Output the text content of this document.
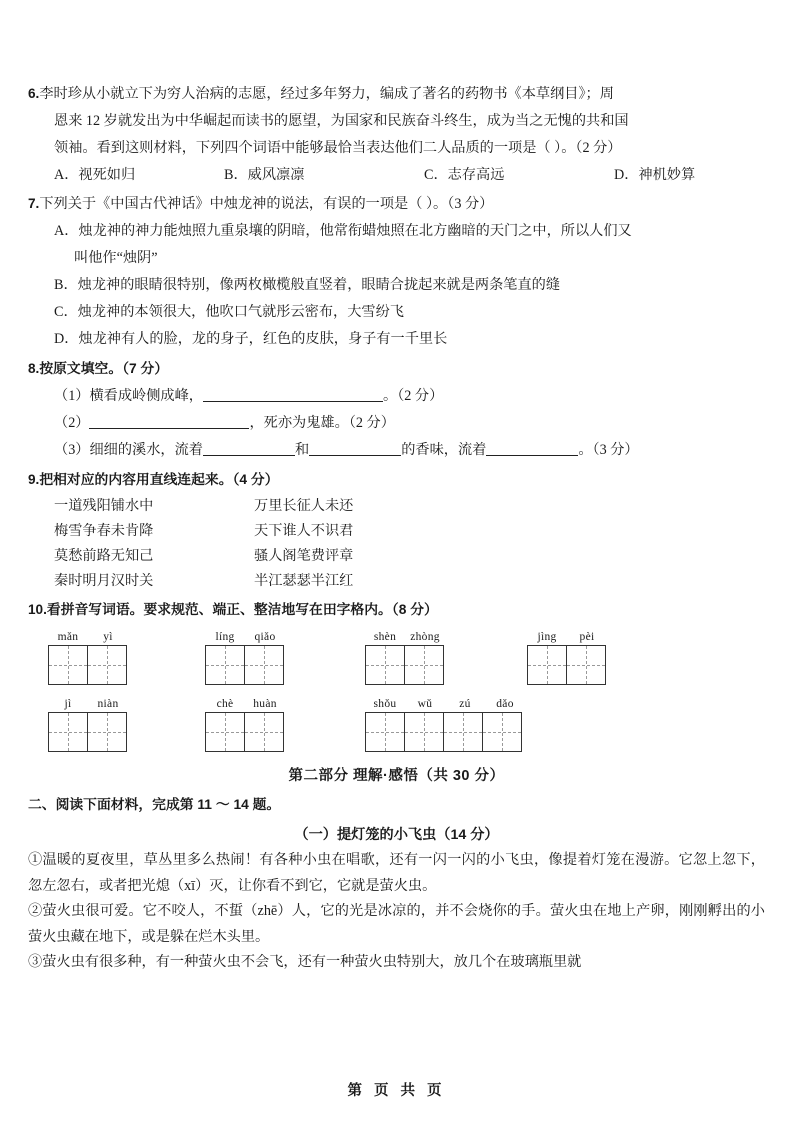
6.李时珍从小就立下为穷人治病的志愿，经过多年努力，编成了著名的药物书《本草纲目》；周
恩来 12 岁就发出为中华崛起而读书的愿望，为国家和民族奋斗终生，成为当之无愧的共和国
领袖。看到这则材料，下列四个词语中能够最恰当表达他们二人品质的一项是（ ）。（2 分）
A．视死如归	B．威风凛凛	C．志存高远	D．神机妙算
7.下列关于《中国古代神话》中烛龙神的说法，有误的一项是（ ）。（3 分）
A．烛龙神的神力能烛照九重泉壤的阴暗，他常衔蜡烛照在北方幽暗的天门之中，所以人们又
叫他作“烛阴”
B．烛龙神的眼睛很特别，像两枚橄榄般直竖着，眼睛合拢起来就是两条笔直的缝
C．烛龙神的本领很大，他吹口气就彤云密布，大雪纷飞
D．烛龙神有人的脸，龙的身子，红色的皮肤，身子有一千里长
8.按原文填空。（7 分）
（1）横看成岭侧成峰，	。（2 分）
（2）	，死亦为鬼雄。（2 分）
（3）细细的溪水，流着	和	的香味，流着	。（3 分）
9.把相对应的内容用直线连起来。（4 分）
一道残阳铺水中	万里长征人未还
梅雪争春未肯降	天下谁人不识君
莫愁前路无知己	骚人阁笔费评章
秦时明月汉时关	半江瑟瑟半江红
10.看拼音写词语。要求规范、端正、整洁地写在田字格内。（8 分）
mǎn	yì	líng	qiǎo	shèn	zhòng	jìng	pèi
jì	niàn	chè	huàn	shǒu	wǔ	zú	dǎo
第二部分 理解·感悟（共 30 分）
二、阅读下面材料，完成第 11 ～ 14 题。
（一）提灯笼的小飞虫（14 分）
①温暖的夏夜里，草丛里多么热闹！有各种小虫在唱歌，还有一闪一闪的小飞虫，像提着灯笼在漫游。它忽上忽下，忽左忽右，或者把光熄（xī）灭，让你看不到它，它就是萤火虫。
②萤火虫很可爱。它不咬人，不蜇（zhē）人，它的光是冰凉的，并不会烧你的手。萤火虫在地上产卵，刚刚孵出的小萤火虫藏在地下，或是躲在烂木头里。
③萤火虫有很多种，有一种萤火虫不会飞，还有一种萤火虫特别大，放几个在玻璃瓶里就
第 页 共 页
